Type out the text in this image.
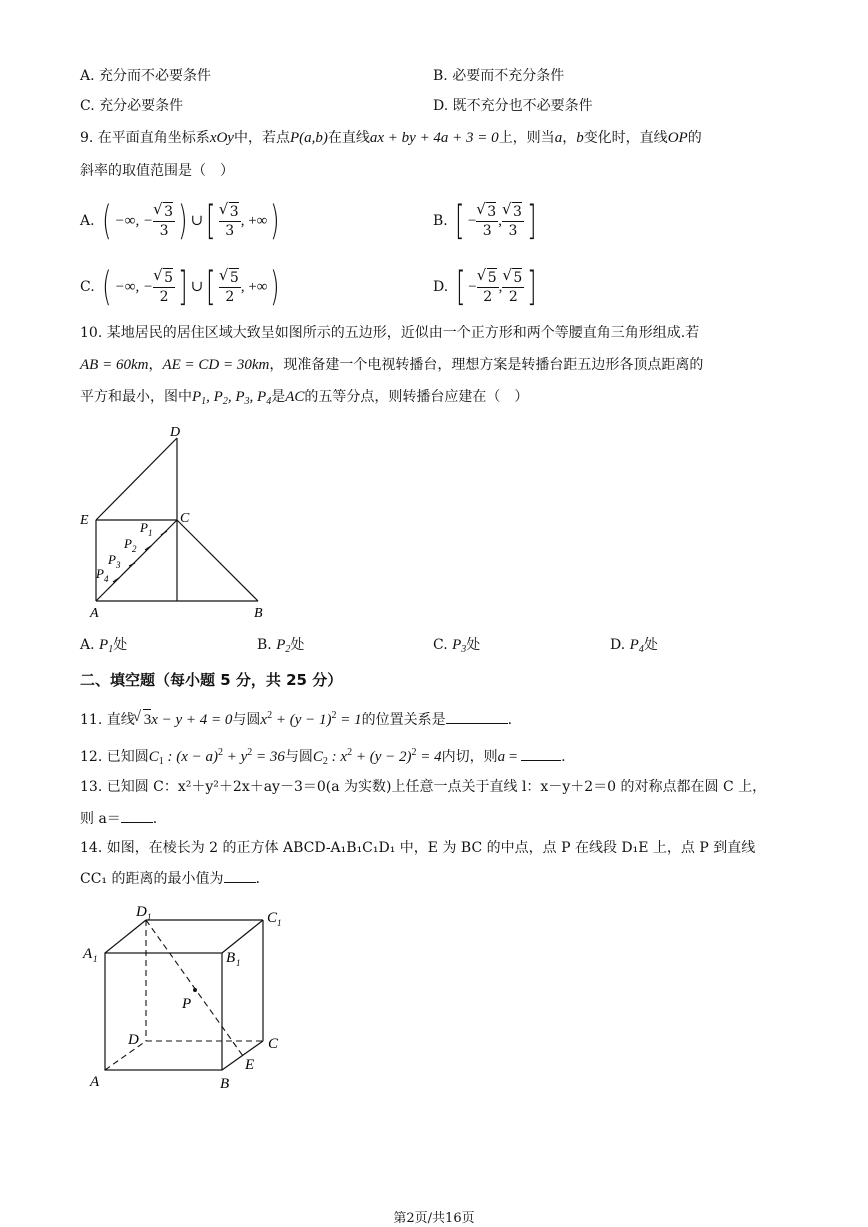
A. 充分而不必要条件	B. 必要而不充分条件
C. 充分必要条件	D. 既不充分也不必要条件
9. 在平面直角坐标系xOy中，若点P(a,b)在直线ax + by + 4a + 3 = 0上，则当a，b变化时，直线OP的
斜率的取值范围是（　）
A. ( −∞, − √ $\frac{3}{3}$ ) ∪[ √ $\frac{3}{3}$ , +∞)	B. [ − √ $\frac{3}{3}$ , √ $\frac{3}{3}$ ]
C. ( −∞, − √ $\frac{5}{2}$ ] ∪[ √ $\frac{5}{2}$ , +∞)	D. [ − √ $\frac{5}{2}$ , √ $\frac{5}{2}$ ]
10. 某地居民的居住区域大致呈如图所示的五边形，近似由一个正方形和两个等腰直角三角形组成.若
AB = 60km，AE = CD = 30km，现准备建一个电视转播台，理想方案是转播台距五边形各顶点距离的
平方和最小，图中$P_1$, $P_2$, $P_3$, $P_4$是AC的五等分点，则转播台应建在（　）
D
E	C
A	B
P 1
P 2
P 3
P 4
A. $P_1$处	B. $P_2$处	C. $P_3$处	D. $P_4$处
二、填空题（每小题 5 分，共 25 分）
11. 直线 √ 3x − y + 4 = 0与圆$x^2 + (y - 1)^2 = 1$的位置关系是	.
12. 已知圆$C_1$ : $(x - a)^2 + y^2 = 36$与圆$C_2$ : $x^2 + (y - 2)^2 = 4$内切，则a =	.
13. 已知圆 C：x²＋y²＋2x＋ay－3＝0(a 为实数)上任意一点关于直线 l：x－y＋2＝0 的对称点都在圆 C 上，
则 a＝ .
14. 如图，在棱长为 2 的正方体 ABCD-A₁B₁C₁D₁ 中，E 为 BC 的中点，点 P 在线段 D₁E 上，点 P 到直线
CC₁ 的距离的最小值为 .
D 1	C 1
A 1	B 1
P
D	C
A	B
E
第2页/共16页
